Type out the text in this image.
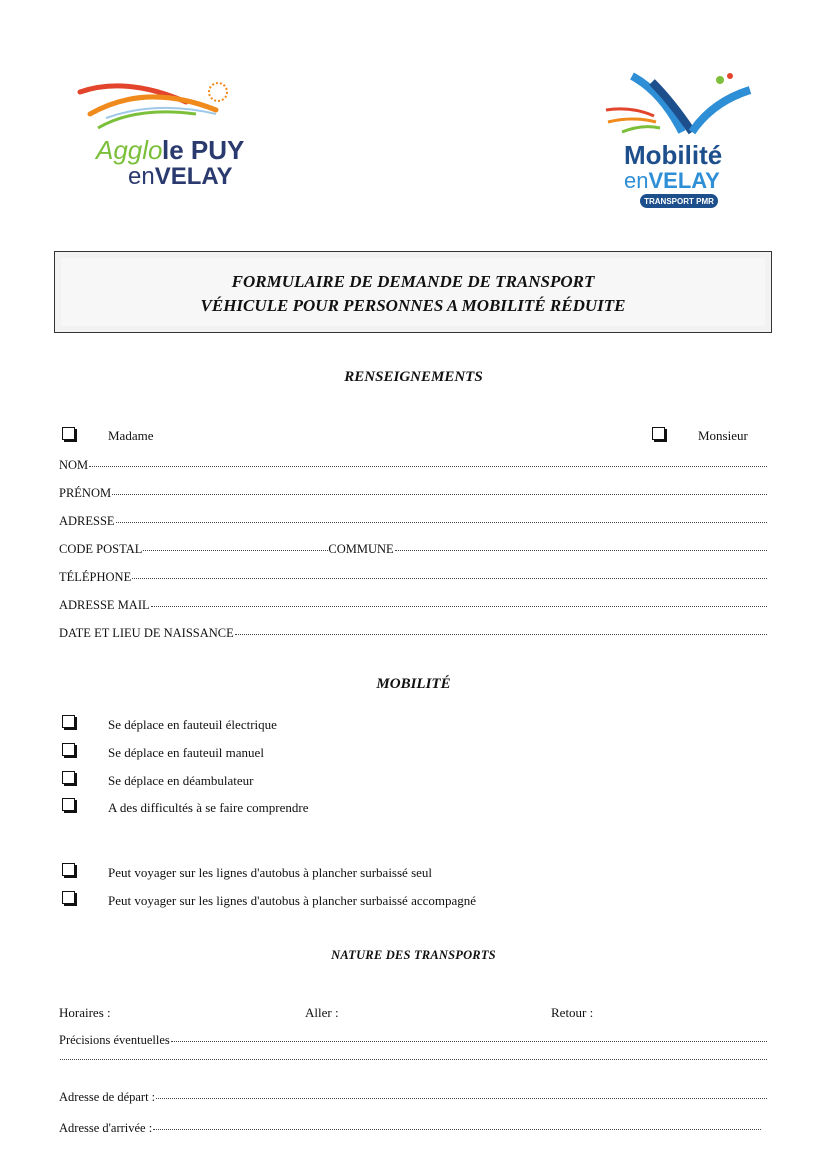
Agglo le PUY
enVELAY
Mobilité
enVELAY
TRANSPORT PMR
FORMULAIRE DE DEMANDE DE TRANSPORT
VÉHICULE POUR PERSONNES A MOBILITÉ RÉDUITE
RENSEIGNEMENTS
Madame	Monsieur
NOM
PRÉNOM
ADRESSE
CODE POSTAL	COMMUNE
TÉLÉPHONE
ADRESSE MAIL
DATE ET LIEU DE NAISSANCE
MOBILITÉ
Se déplace en fauteuil électrique
Se déplace en fauteuil manuel
Se déplace en déambulateur
A des difficultés à se faire comprendre
Peut voyager sur les lignes d'autobus à plancher surbaissé seul
Peut voyager sur les lignes d'autobus à plancher surbaissé accompagné
NATURE DES TRANSPORTS
Horaires :	Aller :	Retour :
Précisions éventuelles
Adresse de départ :
Adresse d'arrivée :
